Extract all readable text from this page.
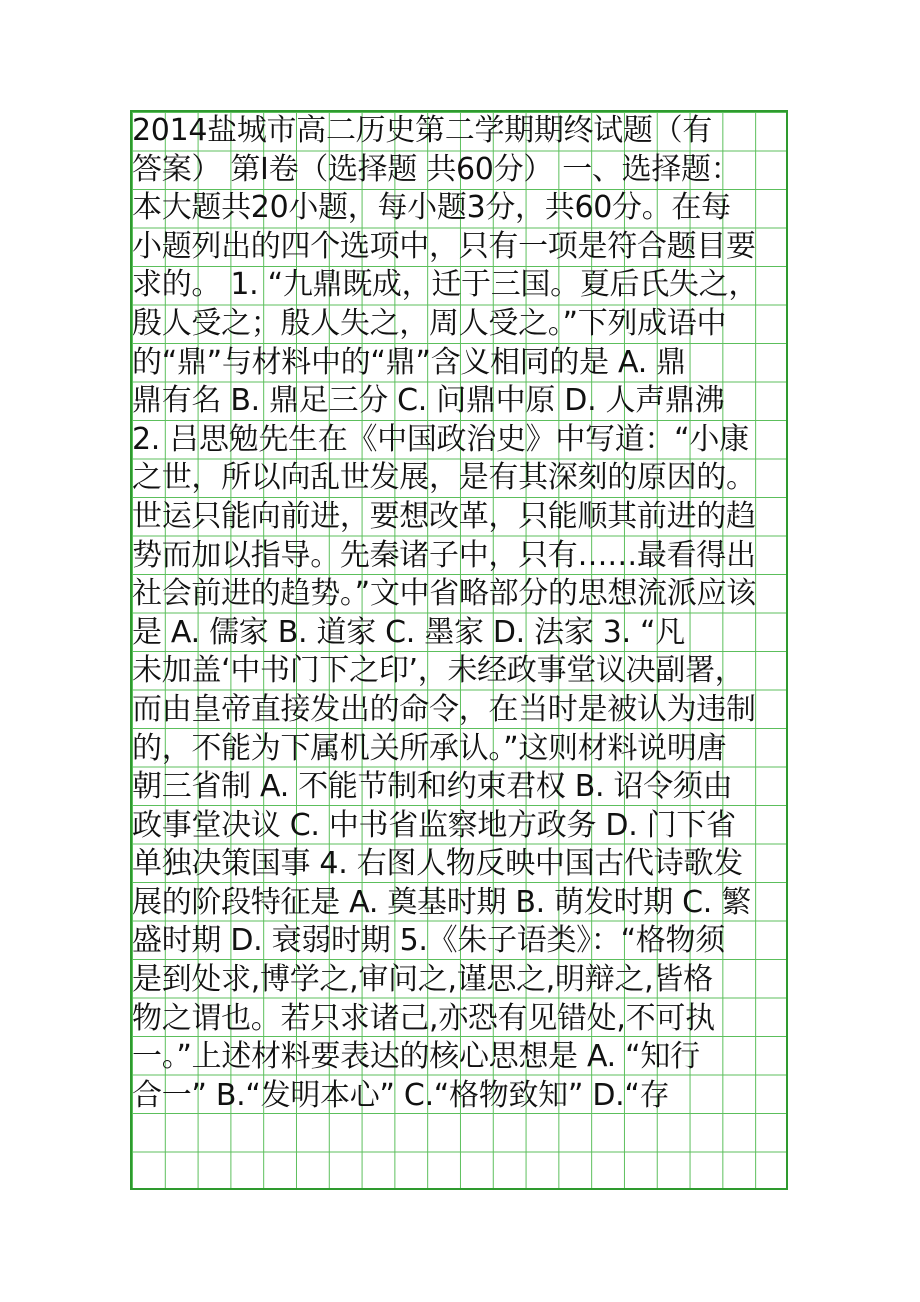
2014盐城市高二历史第二学期期终试题（有
答案） 第Ⅰ卷（选择题 共60分） 一、选择题：
本大题共20小题，每小题3分，共60分。在每
小题列出的四个选项中，只有一项是符合题目要
求的。 1. “九鼎既成，迁于三国。夏后氏失之，
殷人受之；殷人失之，周人受之。”下列成语中
的“鼎”与材料中的“鼎”含义相同的是 A. 鼎
鼎有名 B. 鼎足三分 C. 问鼎中原 D. 人声鼎沸
2. 吕思勉先生在《中国政治史》中写道：“小康
之世，所以向乱世发展，是有其深刻的原因的。
世运只能向前进，要想改革，只能顺其前进的趋
势而加以指导。先秦诸子中，只有……最看得出
社会前进的趋势。”文中省略部分的思想流派应该
是 A. 儒家 B. 道家 C. 墨家 D. 法家 3. “凡
未加盖‘中书门下之印’，未经政事堂议决副署，
而由皇帝直接发出的命令，在当时是被认为违制
的，不能为下属机关所承认。”这则材料说明唐
朝三省制 A. 不能节制和约束君权 B. 诏令须由
政事堂决议 C. 中书省监察地方政务 D. 门下省
单独决策国事 4. 右图人物反映中国古代诗歌发
展的阶段特征是 A. 奠基时期 B. 萌发时期 C. 繁
盛时期 D. 衰弱时期 5.《朱子语类》：“格物须
是到处求,博学之,审问之,谨思之,明辩之,皆格
物之谓也。若只求诸己,亦恐有见错处,不可执
一。”上述材料要表达的核心思想是 A. “知行
合一” B.“发明本心” C.“格物致知” D.“存
